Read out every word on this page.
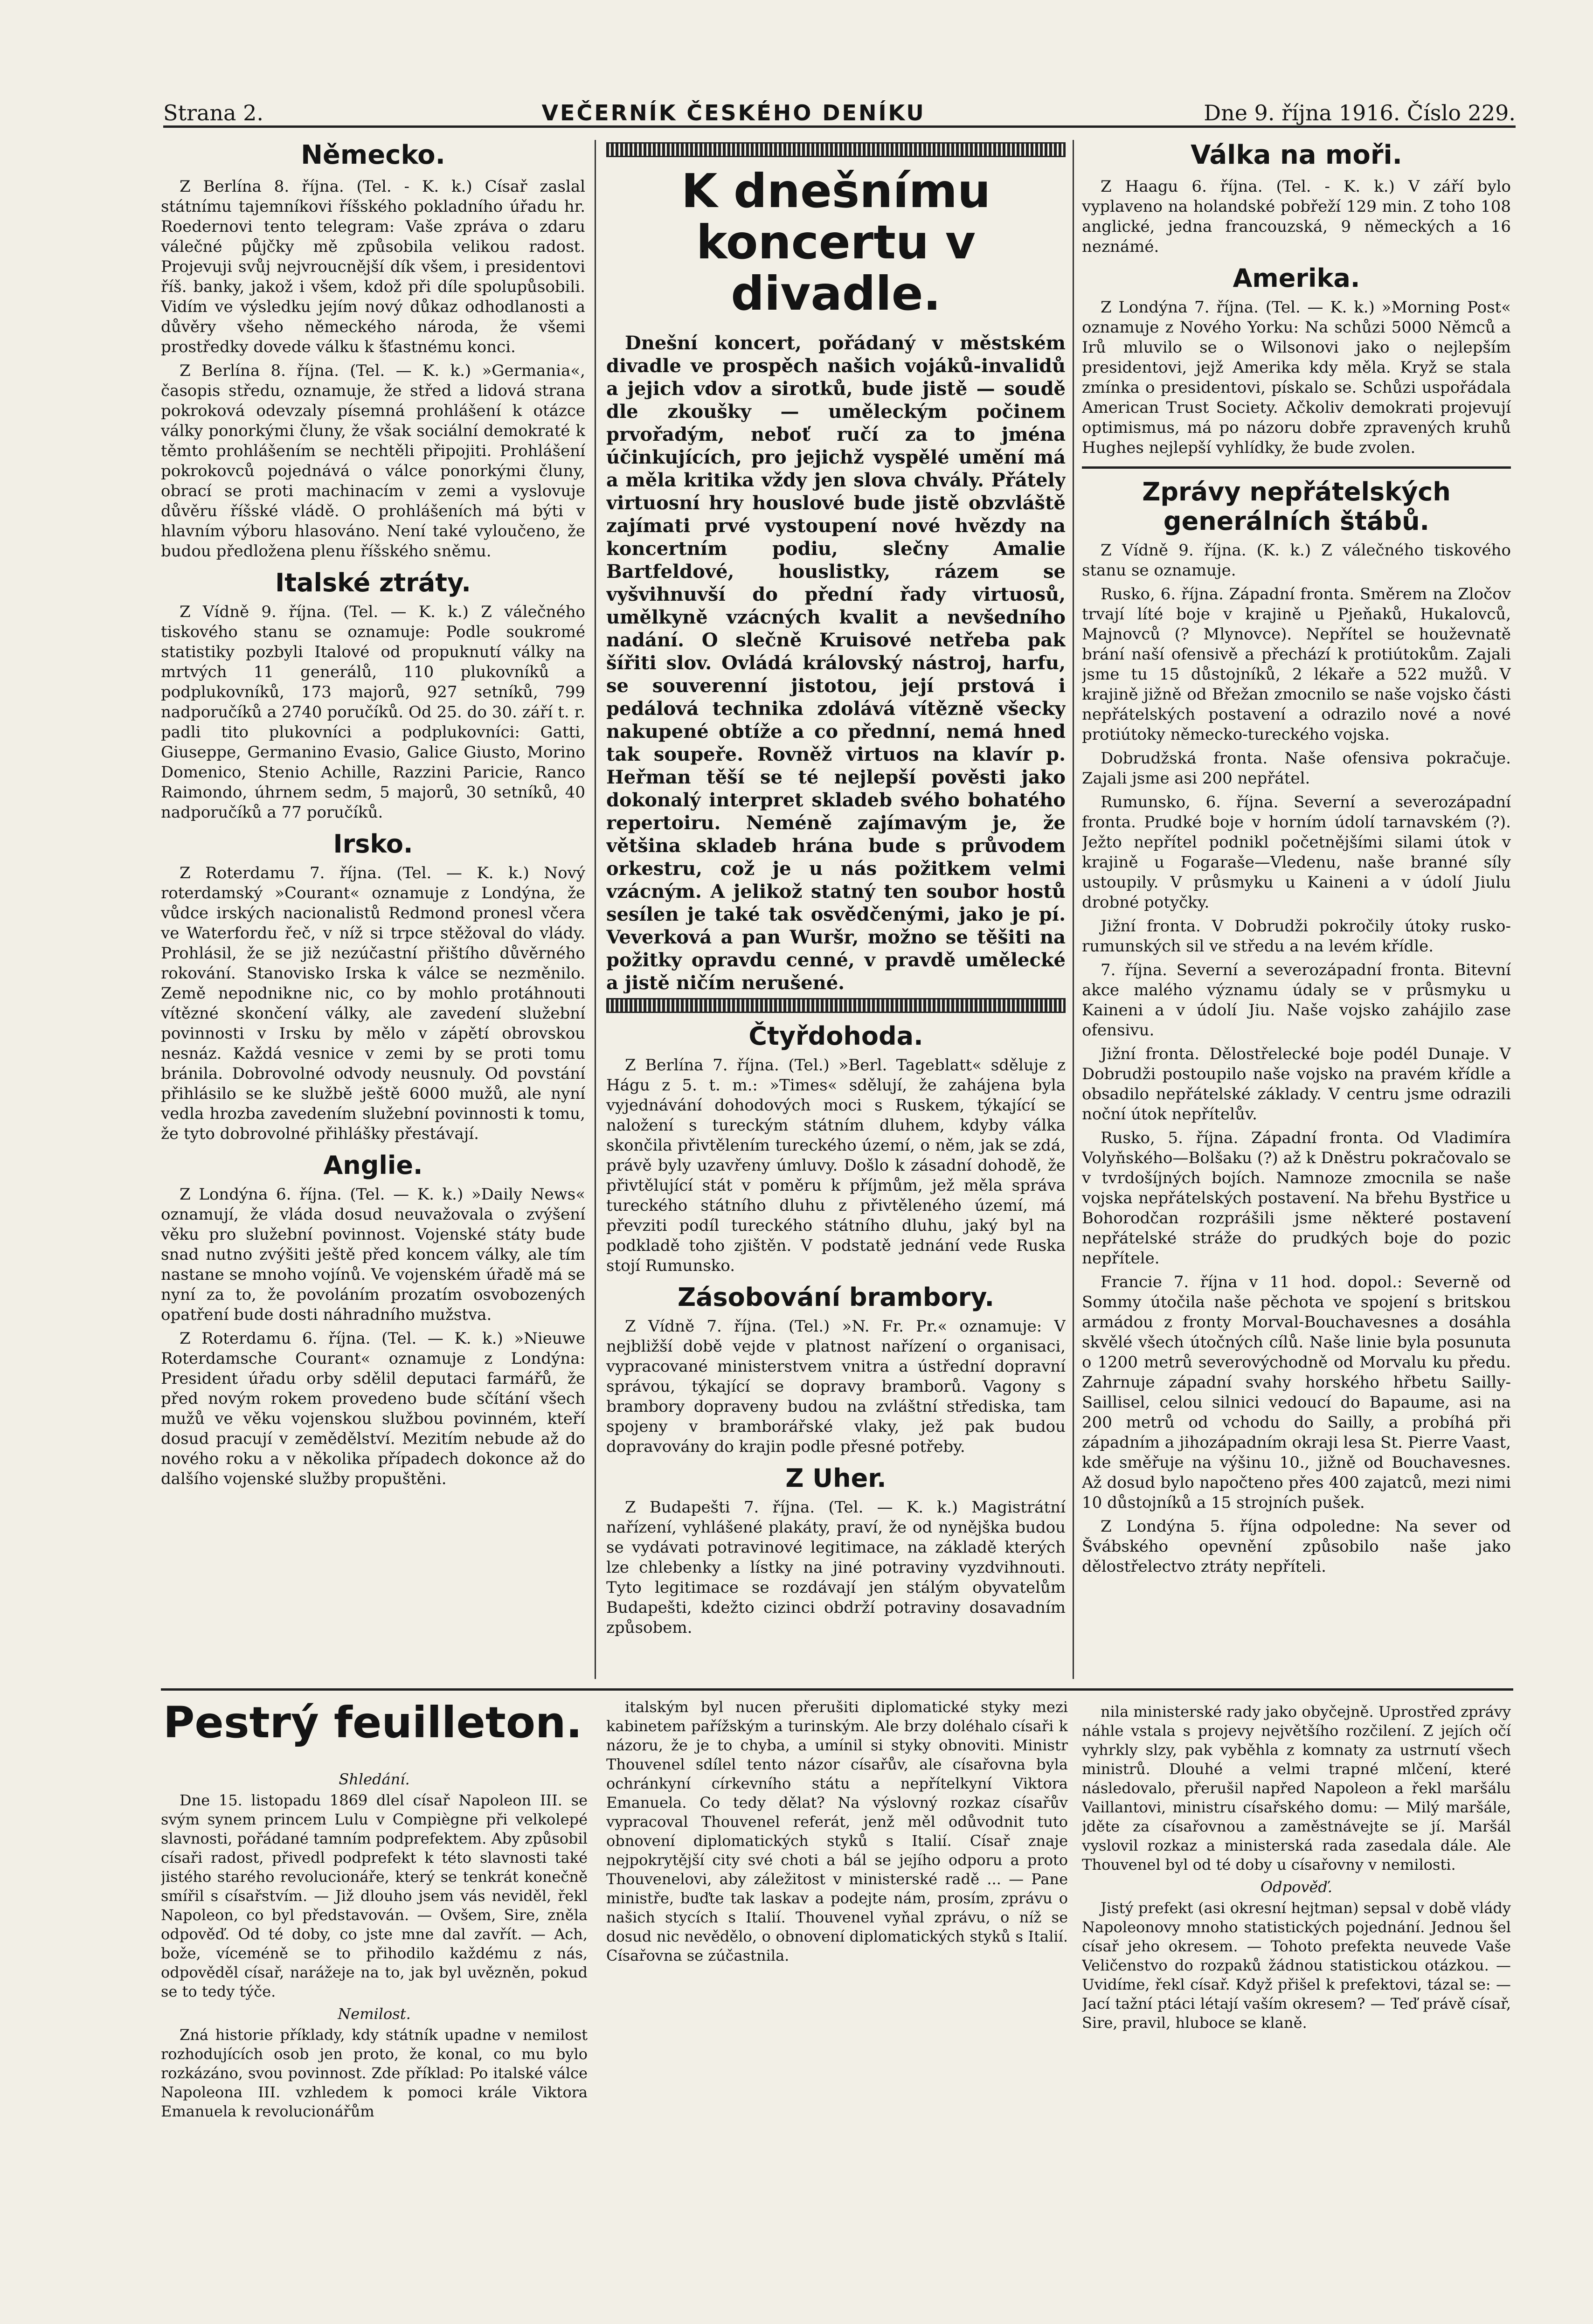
Strana 2.	VEČERNÍK ČESKÉHO DENÍKU	Dne 9. října 1916. Číslo 229.
Německo.

Z Berlína 8. října. (Tel. - K. k.) Císař zaslal státnímu tajemníkovi říšského pokladního úřadu hr. Roedernovi tento telegram: Vaše zpráva o zdaru válečné půjčky mě způsobila velikou radost. Projevuji svůj nejvroucnější dík všem, i presidentovi říš. banky, jakož i všem, kdož při díle spolupůsobili. Vidím ve výsledku jejím nový důkaz odhodlanosti a důvěry všeho německého národa, že všemi prostředky dovede válku k šťastnému konci.

Z Berlína 8. října. (Tel. — K. k.) »Germania«, časopis středu, oznamuje, že střed a lidová strana pokroková odevzaly písemná prohlášení k otázce války ponorkými čluny, že však sociální demokraté k těmto prohlášením se nechtěli připojiti. Prohlášení pokrokovců pojednává o válce ponorkými čluny, obrací se proti machinacím v zemi a vyslovuje důvěru říšské vládě. O prohlášeních má býti v hlavním výboru hlasováno. Není také vyloučeno, že budou předložena plenu říšského sněmu.

Italské ztráty.

Z Vídně 9. října. (Tel. — K. k.) Z válečného tiskového stanu se oznamuje: Podle soukromé statistiky pozbyli Italové od propuknutí války na mrtvých 11 generálů, 110 plukovníků a podplukovníků, 173 majorů, 927 setníků, 799 nadporučíků a 2740 poručíků. Od 25. do 30. září t. r. padli tito plukovníci a podplukovníci: Gatti, Giuseppe, Germanino Evasio, Galice Giusto, Morino Domenico, Stenio Achille, Razzini Paricie, Ranco Raimondo, úhrnem sedm, 5 majorů, 30 setníků, 40 nadporučíků a 77 poručíků.

Irsko.

Z Roterdamu 7. října. (Tel. — K. k.) Nový roterdamský »Courant« oznamuje z Londýna, že vůdce irských nacionalistů Redmond pronesl včera ve Waterfordu řeč, v níž si trpce stěžoval do vlády. Prohlásil, že se již nezúčastní přištího důvěrného rokování. Stanovisko Irska k válce se nezměnilo. Země nepodnikne nic, co by mohlo protáhnouti vítězné skončení války, ale zavedení služební povinnosti v Irsku by mělo v zápětí obrovskou nesnáz. Každá vesnice v zemi by se proti tomu bránila. Dobrovolné odvody neusnuly. Od povstání přihlásilo se ke službě ještě 6000 mužů, ale nyní vedla hrozba zavedením služební povinnosti k tomu, že tyto dobrovolné přihlášky přestávají.

Anglie.

Z Londýna 6. října. (Tel. — K. k.) »Daily News« oznamují, že vláda dosud neuvažovala o zvýšení věku pro služební povinnost. Vojenské státy bude snad nutno zvýšiti ještě před koncem války, ale tím nastane se mnoho vojínů. Ve vojenském úřadě má se nyní za to, že povoláním prozatím osvobozených opatření bude dosti náhradního mužstva.

Z Roterdamu 6. října. (Tel. — K. k.) »Nieuwe Roterdamsche Courant« oznamuje z Londýna: President úřadu orby sdělil deputaci farmářů, že před novým rokem provedeno bude sčítání všech mužů ve věku vojenskou službou povinném, kteří dosud pracují v zemědělství. Mezitím nebude až do nového roku a v několika případech dokonce až do dalšího vojenské služby propuštěni.

K dnešnímu koncertu v divadle.

Dnešní koncert, pořádaný v městském divadle ve prospěch našich vojáků-invalidů a jejich vdov a sirotků, bude jistě — soudě dle zkoušky — uměleckým počinem prvořadým, neboť ručí za to jména účinkujících, pro jejichž vyspělé umění má a měla kritika vždy jen slova chvály. Přátely virtuosní hry houslové bude jistě obzvláště zajímati prvé vystoupení nové hvězdy na koncertním podiu, slečny Amalie Bartfeldové, houslistky, rázem se vyšvihnuvší do přední řady virtuosů, umělkyně vzácných kvalit a nevšedního nadání. O slečně Kruisové netřeba pak šířiti slov. Ovládá královský nástroj, harfu, se souverenní jistotou, její prstová i pedálová technika zdolává vítězně všecky nakupené obtíže a co přednní, nemá hned tak soupeře. Rovněž virtuos na klavír p. Heřman těší se té nejlepší pověsti jako dokonalý interpret skladeb svého bohatého repertoiru. Neméně zajímavým je, že většina skladeb hrána bude s průvodem orkestru, což je u nás požitkem velmi vzácným. A jelikož statný ten soubor hostů sesílen je také tak osvědčenými, jako je pí. Veverková a pan Wuršr, možno se těšiti na požitky opravdu cenné, v pravdě umělecké a jistě ničím nerušené.

Čtyřdohoda.

Z Berlína 7. října. (Tel.) »Berl. Tageblatt« sděluje z Hágu z 5. t. m.: »Times« sdělují, že zahájena byla vyjednávání dohodových moci s Ruskem, týkající se naložení s tureckým státním dluhem, kdyby válka skončila přivtělením tureckého území, o něm, jak se zdá, právě byly uzavřeny úmluvy. Došlo k zásadní dohodě, že přivtělující stát v poměru k příjmům, jež měla správa tureckého státního dluhu z přivtěleného území, má převziti podíl tureckého státního dluhu, jaký byl na podkladě toho zjištěn. V podstatě jednání vede Ruska stojí Rumunsko.

Zásobování brambory.

Z Vídně 7. října. (Tel.) »N. Fr. Pr.« oznamuje: V nejbližší době vejde v platnost nařízení o organisaci, vypracované ministerstvem vnitra a ústřední dopravní správou, týkající se dopravy bramborů. Vagony s brambory dopraveny budou na zvláštní střediska, tam spojeny v bramborářské vlaky, jež pak budou dopravovány do krajin podle přesné potřeby.

Z Uher.

Z Budapešti 7. října. (Tel. — K. k.) Magistrátní nařízení, vyhlášené plakáty, praví, že od nynějška budou se vydávati potravinové legitimace, na základě kterých lze chlebenky a lístky na jiné potraviny vyzdvihnouti. Tyto legitimace se rozdávají jen stálým obyvatelům Budapešti, kdežto cizinci obdrží potraviny dosavadním způsobem.

Válka na moři.

Z Haagu 6. října. (Tel. - K. k.) V září bylo vyplaveno na holandské pobřeží 129 min. Z toho 108 anglické, jedna francouzská, 9 německých a 16 neznámé.

Amerika.

Z Londýna 7. října. (Tel. — K. k.) »Morning Post« oznamuje z Nového Yorku: Na schůzi 5000 Němců a Irů mluvilo se o Wilsonovi jako o nejlepším presidentovi, jejž Amerika kdy měla. Kryž se stala zmínka o presidentovi, pískalo se. Schůzi uspořádala American Trust Society. Ačkoliv demokrati projevují optimismus, má po názoru dobře zpravených kruhů Hughes nejlepší vyhlídky, že bude zvolen.

Zprávy nepřátelských generálních štábů.

Z Vídně 9. října. (K. k.) Z válečného tiskového stanu se oznamuje.

Rusko, 6. října. Západní fronta. Směrem na Zločov trvají líté boje v krajině u Pjeňaků, Hukalovců, Majnovců (? Mlynovce). Nepřítel se houževnatě brání naší ofensivě a přechází k protiútokům. Zajali jsme tu 15 důstojníků, 2 lékaře a 522 mužů. V krajině jižně od Břežan zmocnilo se naše vojsko části nepřátelských postavení a odrazilo nové a nové protiútoky německo-tureckého vojska.

Dobrudžská fronta. Naše ofensiva pokračuje. Zajali jsme asi 200 nepřátel.

Rumunsko, 6. října. Severní a severozápadní fronta. Prudké boje v horním údolí tarnavském (?). Ježto nepřítel podnikl početnějšími silami útok v krajině u Fogaraše—Vledenu, naše branné síly ustoupily. V průsmyku u Kaineni a v údolí Jiulu drobné potyčky.

Jižní fronta. V Dobrudži pokročily útoky rusko-rumunských sil ve středu a na levém křídle.

7. října. Severní a severozápadní fronta. Bitevní akce malého významu údaly se v průsmyku u Kaineni a v údolí Jiu. Naše vojsko zahájilo zase ofensivu.

Jižní fronta. Dělostřelecké boje podél Dunaje. V Dobrudži postoupilo naše vojsko na pravém křídle a obsadilo nepřátelské základy. V centru jsme odrazili noční útok nepřítelův.

Rusko, 5. října. Západní fronta. Od Vladimíra Volyňského—Bolšaku (?) až k Dněstru pokračovalo se v tvrdošíjných bojích. Namnoze zmocnila se naše vojska nepřátelských postavení. Na břehu Bystřice u Bohorodčan rozprášili jsme některé postavení nepřátelské stráže do prudkých boje do pozic nepřítele.

Francie 7. října v 11 hod. dopol.: Severně od Sommy útočila naše pěchota ve spojení s britskou armádou z fronty Morval-Bouchavesnes a dosáhla skvělé všech útočných cílů. Naše linie byla posunuta o 1200 metrů severovýchodně od Morvalu ku předu. Zahrnuje západní svahy horského hřbetu Sailly-Saillisel, celou silnici vedoucí do Bapaume, asi na 200 metrů od vchodu do Sailly, a probíhá při západním a jihozápadním okraji lesa St. Pierre Vaast, kde směřuje na výšinu 10., jižně od Bouchavesnes. Až dosud bylo napočteno přes 400 zajatců, mezi nimi 10 důstojníků a 15 strojních pušek.

Z Londýna 5. října odpoledne: Na sever od Švábského opevnění způsobilo naše jako dělostřelectvo ztráty nepříteli.

Pestrý feuilleton.
Shledání.

Dne 15. listopadu 1869 dlel císař Napoleon III. se svým synem princem Lulu v Compiègne při velkolepé slavnosti, pořádané tamním podprefektem. Aby způsobil císaři radost, přivedl podprefekt k této slavnosti také jistého starého revolucionáře, který se tenkrát konečně smířil s císařstvím. — Již dlouho jsem vás neviděl, řekl Napoleon, co byl představován. — Ovšem, Sire, zněla odpověď. Od té doby, co jste mne dal zavřít. — Ach, bože, víceméně se to přihodilo každému z nás, odpověděl císař, narážeje na to, jak byl uvězněn, pokud se to tedy týče.

Nemilost.

Zná historie příklady, kdy státník upadne v nemilost rozhodujících osob jen proto, že konal, co mu bylo rozkázáno, svou povinnost. Zde příklad: Po italské válce Napoleona III. vzhledem k pomoci krále Viktora Emanuela k revolucionářům

italským byl nucen přerušiti diplomatické styky mezi kabinetem pařížským a turinským. Ale brzy doléhalo císaři k názoru, že je to chyba, a umínil si styky obnoviti. Ministr Thouvenel sdílel tento názor císařův, ale císařovna byla ochránkyní církevního státu a nepřítelkyní Viktora Emanuela. Co tedy dělat? Na výslovný rozkaz císařův vypracoval Thouvenel referát, jenž měl odůvodnit tuto obnovení diplomatických styků s Italií. Císař znaje nejpokrytější city své choti a bál se jejího odporu a proto Thouvenelovi, aby záležitost v ministerské radě ... — Pane ministře, buďte tak laskav a podejte nám, prosím, zprávu o našich stycích s Italií. Thouvenel vyňal zprávu, o níž se dosud nic nevědělo, o obnovení diplomatických styků s Italií. Císařovna se zúčastnila.

nila ministerské rady jako obyčejně. Uprostřed zprávy náhle vstala s projevy největšího rozčilení. Z jejích očí vyhrkly slzy, pak vyběhla z komnaty za ustrnutí všech ministrů. Dlouhé a velmi trapné mlčení, které následovalo, přerušil napřed Napoleon a řekl maršálu Vaillantovi, ministru císařského domu: — Milý maršále, jděte za císařovnou a zaměstnávejte se jí. Maršál vyslovil rozkaz a ministerská rada zasedala dále. Ale Thouvenel byl od té doby u císařovny v nemilosti.

Odpověď.

Jistý prefekt (asi okresní hejtman) sepsal v době vlády Napoleonovy mnoho statistických pojednání. Jednou šel císař jeho okresem. — Tohoto prefekta neuvede Vaše Veličenstvo do rozpaků žádnou statistickou otázkou. — Uvidíme, řekl císař. Když přišel k prefektovi, tázal se: — Jací tažní ptáci létají vaším okresem? — Teď právě císař, Sire, pravil, hluboce se klaně.
